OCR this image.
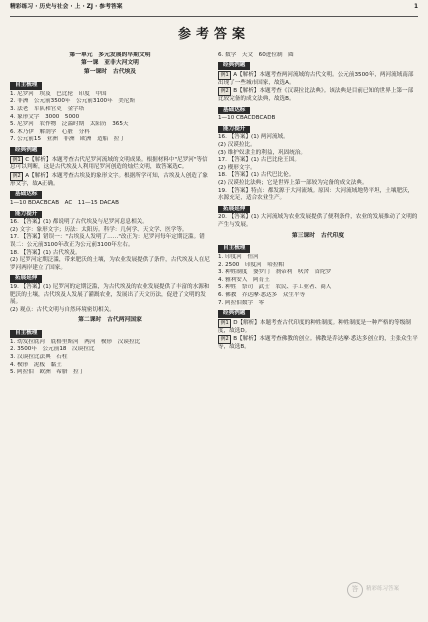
精彩练习 · 历史与社会 · 上 · ZJ · 参考答案	1
参考答案
第一单元　多元发展的早期文明
第一课　亚非大河文明
第一课时　古代埃及
自主梳理
1. 尼罗河　埃及　巴比伦　印度　中国
2. 非洲　公元前3500年　公元前3100年　美尼斯
3. 法老　军队和官吏　金字塔
4. 象形文字　3000　5000
5. 尼罗河　农作物　泛滥时期　太阳历　365天
6. 木乃伊　解剖学　心脏　分科
7. 公元前15　亚洲　非洲　欧洲　造船　拉丁
经典例题
例1 C【解析】本题考查古代尼罗河流域的文明成果。根据材料中"尼罗河"等信息可以判断，这是古代埃及人利用尼罗河创造的灿烂文明，故答案选C。
例2 A【解析】本题考查古埃及的象形文字。根据所学可知，古埃及人创造了象形文字，故A正确。
基础达标
1—10 BDACBCAB　AC　11—15 DACAB
能力提升
16. 【答案】(1) 都说明了古代埃及与尼罗河息息相关。
(2) 文字：象形文字；历法：太阳历。科学：几何学、天文学、医学等。
17. 【答案】错误一："古埃及人发明了……"改正为：尼罗河每年定期泛滥。错误二：公元前3100年改正为公元前3100年左右。
18. 【答案】(1) 古代埃及。
(2) 尼罗河定期泛滥，带来肥沃的土壤，为农业发展提供了条件，古代埃及人在尼罗河两岸建立了国家。
拓展延伸
19. 【答案】(1) 尼罗河的定期泛滥，为古代埃及的农业发展提供了丰富的水源和肥沃的土壤，古代埃及人发展了灌溉农业，发展出了天文历法，促进了文明的发展。
(2) 观点：古代文明与自然环境密切相关。
第二课时　古代两河国家
自主梳理
1. 幼发拉底河　底格里斯河　两河　楔形　汉谟拉比
2. 3500年　公元前18　汉谟拉比
3. 汉谟拉比法典　石柱
4. 楔形　泥板　黏土
5. 阿拉伯　欧洲　希腊　拉丁
6. 数学　天文　60进位制　圆
经典例题
例1 A【解析】本题考查两河流域的古代文明。公元前3500年，两河流域南部出现了一些城市国家，故选A。
例2 B【解析】本题考查《汉谟拉比法典》。该法典是目前已知的世界上第一部比较完备的成文法典，故选B。
基础达标
1—10 CBACDBCADB
能力提升
16. 【答案】(1) 两河流域。
(2) 汉谟拉比。
(3) 维护奴隶主的利益，巩固统治。
17. 【答案】(1) 古巴比伦王国。
(2) 楔形文字。
18. 【答案】(1) 古代巴比伦。
(2) 汉谟拉比法典；它是世界上第一部较为完备的成文法典。
19. 【答案】特点：都发源于大河流域。原因：大河流域地势平坦，土壤肥沃，水源充足，适合农业生产。
拓展延伸
20. 【答案】(1) 大河流域为农业发展提供了便利条件，农业的发展推动了文明的产生与发展。
第三课时　古代印度
自主梳理
1. 印度河　恒河
2. 2500　印度河　哈拉帕
3. 种姓制度　婆罗门　刹帝利　吠舍　首陀罗
4. 雅利安人　阿育王
5. 种姓　祭司　武士　农民、手工业者、商人
6. 佛教　乔达摩·悉达多　众生平等
7. 阿拉伯数字　零
经典例题
例1 D【解析】本题考查古代印度的种姓制度。种姓制度是一种严格的等级制度，故选D。
例2 B【解析】本题考查佛教的创立。佛教是乔达摩·悉达多创立的，主张众生平等，故选B。
答	精彩练习答案
